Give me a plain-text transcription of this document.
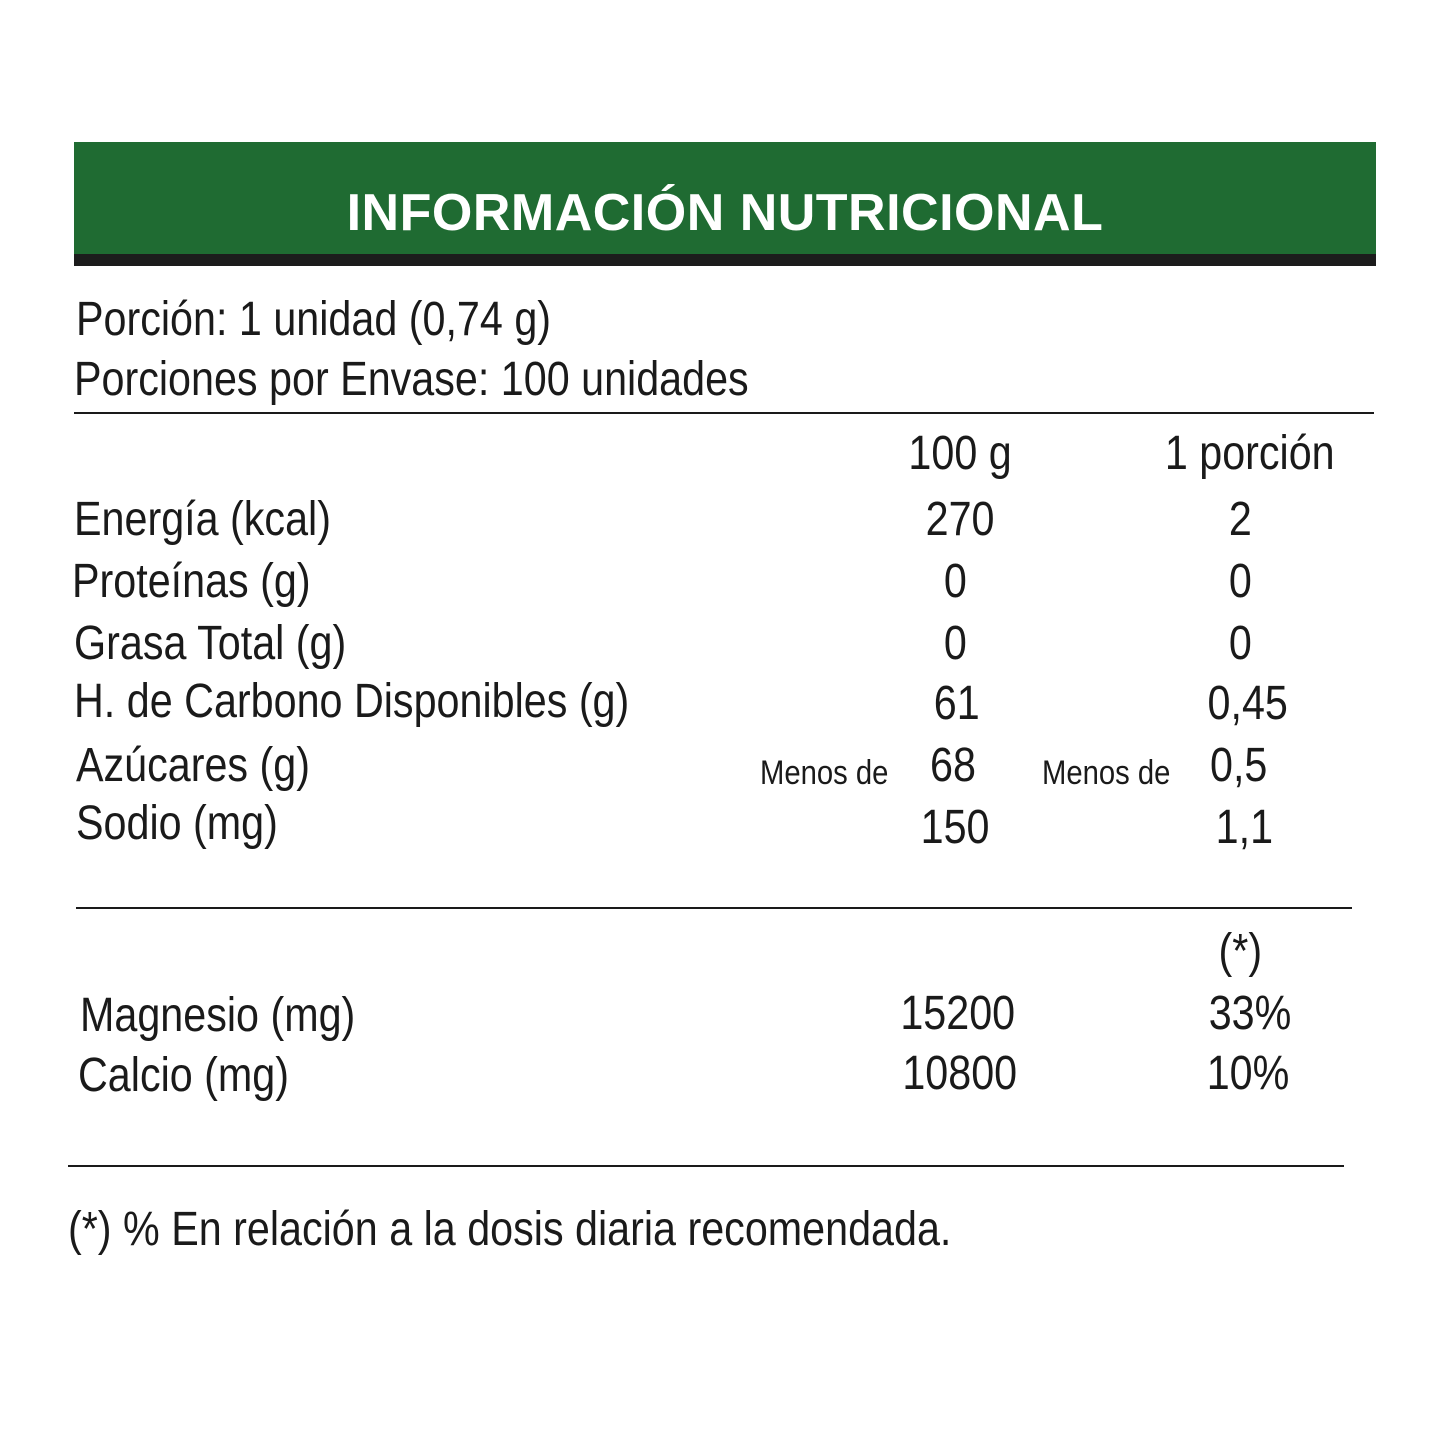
INFORMACIÓN NUTRICIONAL
Porción: 1 unidad (0,74 g)
Porciones por Envase: 100 unidades
100 g	1 porción
Energía (kcal)	270	2
Proteínas (g)	0	0
Grasa Total (g)	0	0
H. de Carbono Disponibles (g)	61	0,45
Azúcares (g)	Menos de 68 Menos de 0,5
Sodio (mg)	150	1,1
(*)
Magnesio (mg)	15200	33%
Calcio (mg)	10800	10%
(*) % En relación a la dosis diaria recomendada.
